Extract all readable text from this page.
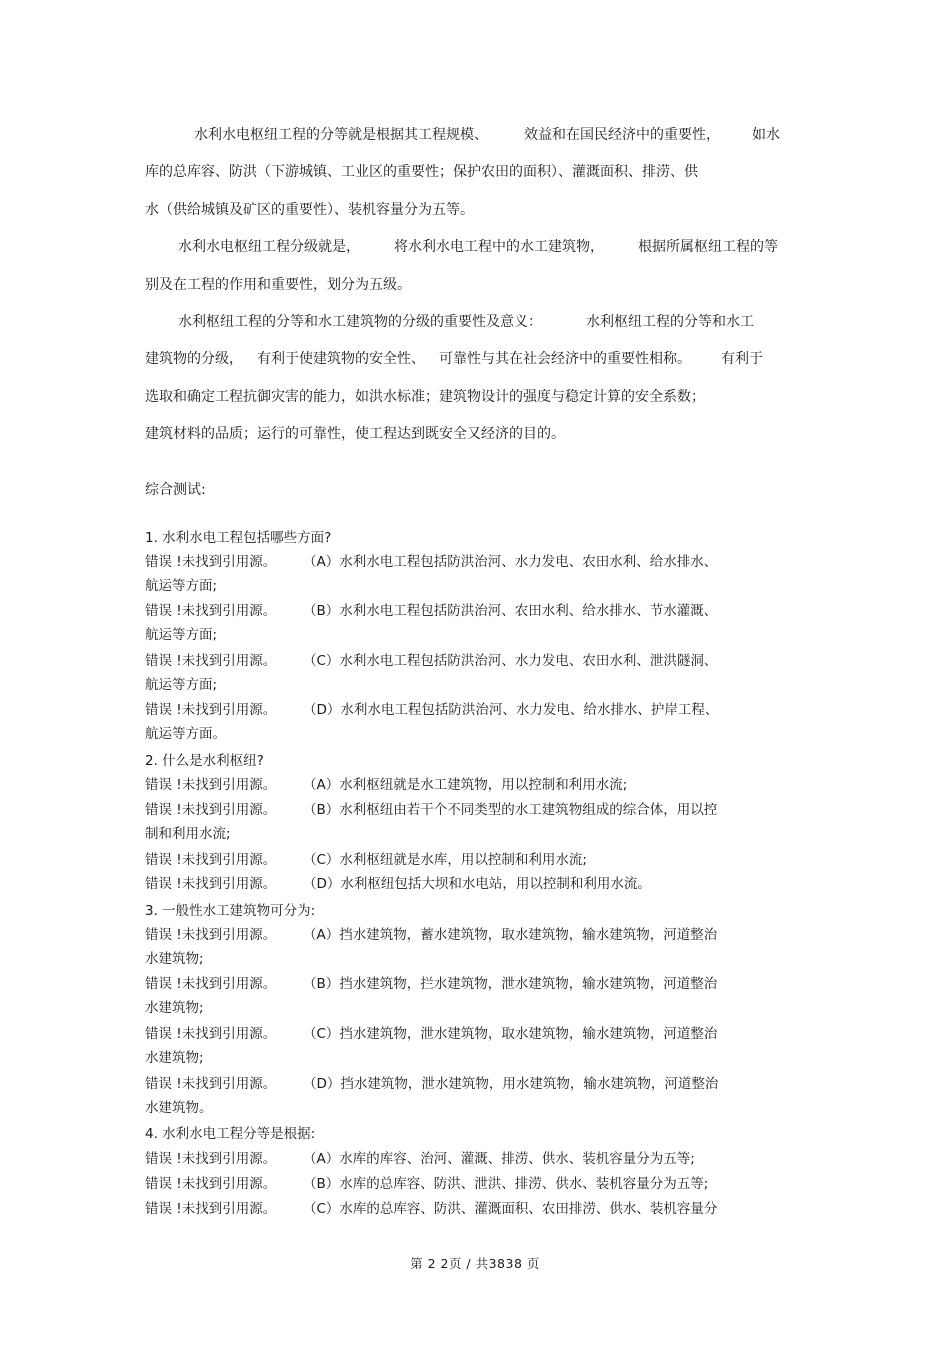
水利水电枢纽工程的分等就是根据其工程规模、	效益和在国民经济中的重要性， 如水
库的总库容、防洪（下游城镇、工业区的重要性；保护农田的面积）、灌溉面积、排涝、供
水（供给城镇及矿区的重要性）、装机容量分为五等。
水利水电枢纽工程分级就是， 将水利水电工程中的水工建筑物， 根据所属枢纽工程的等
别及在工程的作用和重要性，划分为五级。
水利枢纽工程的分等和水工建筑物的分级的重要性及意义：	水利枢纽工程的分等和水工
建筑物的分级， 有利于使建筑物的安全性、 可靠性与其在社会经济中的重要性相称。 有利于
选取和确定工程抗御灾害的能力，如洪水标准；建筑物设计的强度与稳定计算的安全系数；
建筑材料的品质；运行的可靠性，使工程达到既安全又经济的目的。
综合测试:
1. 水利水电工程包括哪些方面?
错误 !未找到引用源。 （A）水利水电工程包括防洪治河、水力发电、农田水利、给水排水、
航运等方面;
错误 !未找到引用源。 （B）水利水电工程包括防洪治河、农田水利、给水排水、节水灌溉、
航运等方面;
错误 !未找到引用源。 （C）水利水电工程包括防洪治河、水力发电、农田水利、泄洪隧洞、
航运等方面;
错误 !未找到引用源。 （D）水利水电工程包括防洪治河、水力发电、给水排水、护岸工程、
航运等方面。
2. 什么是水利枢纽?
错误 !未找到引用源。 （A）水利枢纽就是水工建筑物，用以控制和利用水流;
错误 !未找到引用源。 （B）水利枢纽由若干个不同类型的水工建筑物组成的综合体，用以控
制和利用水流;
错误 !未找到引用源。 （C）水利枢纽就是水库，用以控制和利用水流;
错误 !未找到引用源。 （D）水利枢纽包括大坝和水电站，用以控制和利用水流。
3. 一般性水工建筑物可分为:
错误 !未找到引用源。 （A）挡水建筑物，蓄水建筑物，取水建筑物，输水建筑物，河道整治
水建筑物;
错误 !未找到引用源。 （B）挡水建筑物，拦水建筑物，泄水建筑物，输水建筑物，河道整治
水建筑物;
错误 !未找到引用源。 （C）挡水建筑物，泄水建筑物，取水建筑物，输水建筑物，河道整治
水建筑物;
错误 !未找到引用源。 （D）挡水建筑物，泄水建筑物，用水建筑物，输水建筑物，河道整治
水建筑物。
4. 水利水电工程分等是根据:
错误 !未找到引用源。 （A）水库的库容、治河、灌溉、排涝、供水、装机容量分为五等;
错误 !未找到引用源。 （B）水库的总库容、防洪、泄洪、排涝、供水、装机容量分为五等;
错误 !未找到引用源。 （C）水库的总库容、防洪、灌溉面积、农田排涝、供水、装机容量分
第 2 2页 / 共3838 页
